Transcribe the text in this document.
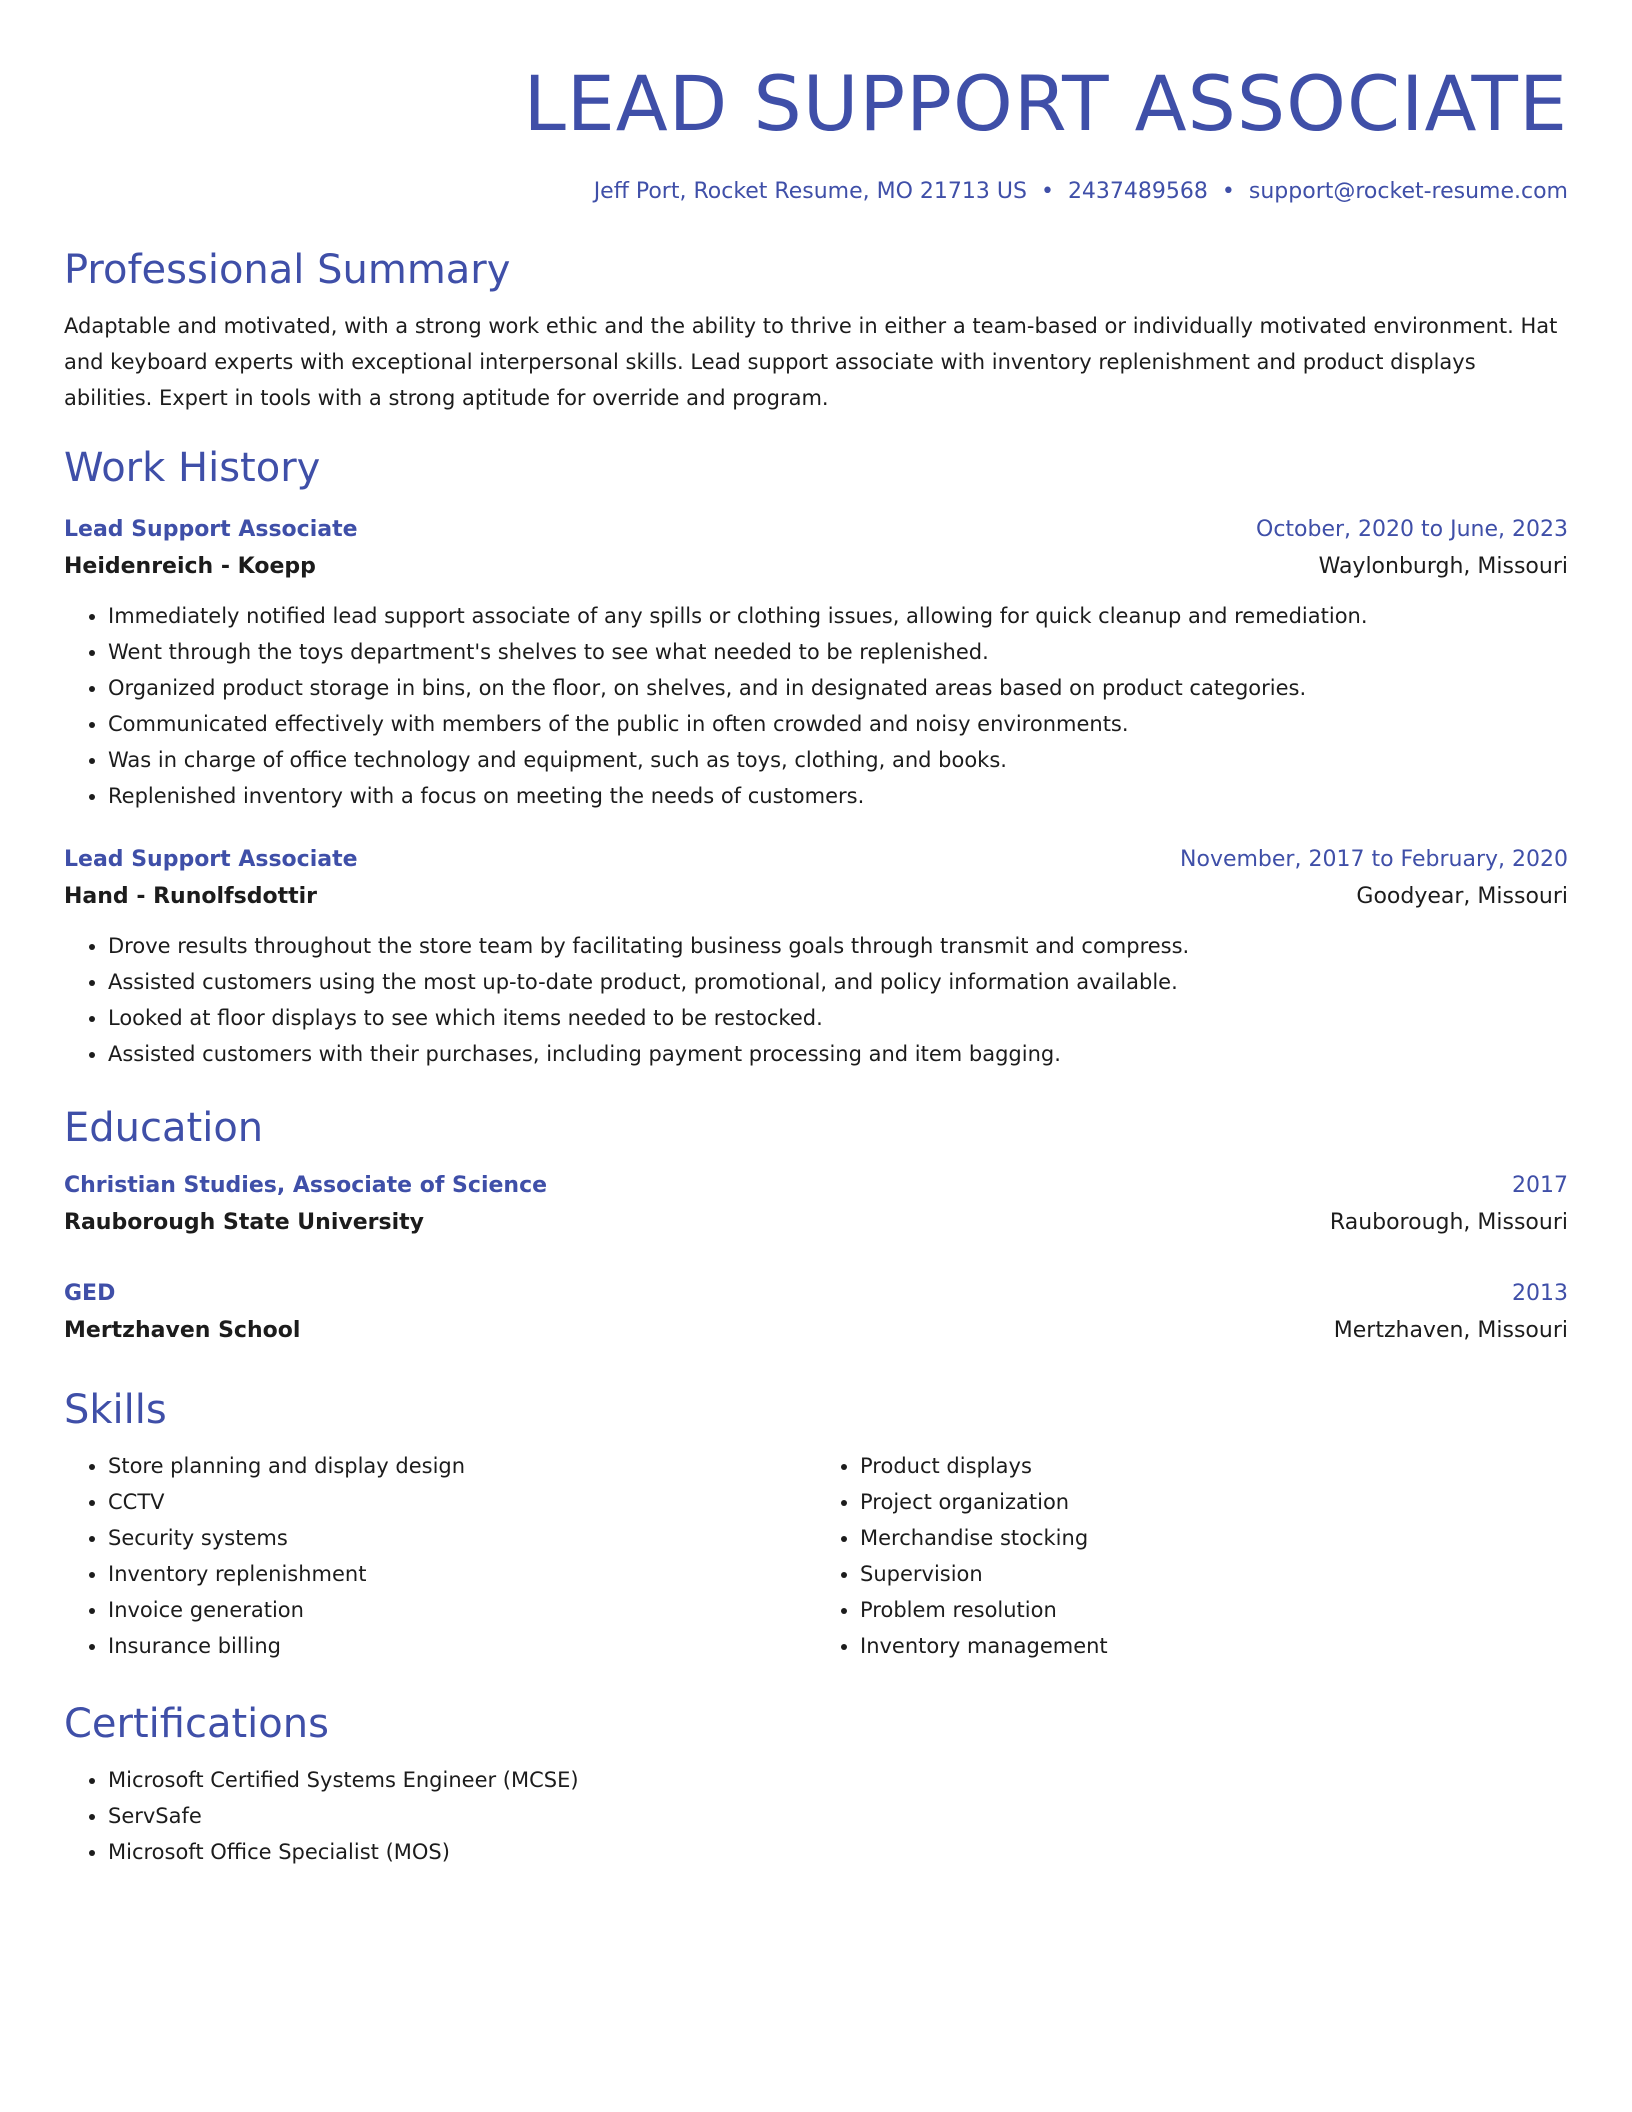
LEAD SUPPORT ASSOCIATE
Jeff Port, Rocket Resume, MO 21713 US • 2437489568 • support@rocket-resume.com
Professional Summary
Adaptable and motivated, with a strong work ethic and the ability to thrive in either a team-based or individually motivated environment. Hat and keyboard experts with exceptional interpersonal skills. Lead support associate with inventory replenishment and product displays abilities. Expert in tools with a strong aptitude for override and program.
Work History
Lead Support Associate	October, 2020 to June, 2023
Heidenreich - Koepp	Waylonburgh, Missouri
• Immediately notified lead support associate of any spills or clothing issues, allowing for quick cleanup and remediation.
• Went through the toys department's shelves to see what needed to be replenished.
• Organized product storage in bins, on the floor, on shelves, and in designated areas based on product categories.
• Communicated effectively with members of the public in often crowded and noisy environments.
• Was in charge of office technology and equipment, such as toys, clothing, and books.
• Replenished inventory with a focus on meeting the needs of customers.
Lead Support Associate	November, 2017 to February, 2020
Hand - Runolfsdottir	Goodyear, Missouri
• Drove results throughout the store team by facilitating business goals through transmit and compress.
• Assisted customers using the most up-to-date product, promotional, and policy information available.
• Looked at floor displays to see which items needed to be restocked.
• Assisted customers with their purchases, including payment processing and item bagging.
Education
Christian Studies, Associate of Science	2017
Rauborough State University	Rauborough, Missouri
GED	2013
Mertzhaven School	Mertzhaven, Missouri
Skills
• Store planning and display design
• CCTV
• Security systems
• Inventory replenishment
• Invoice generation
• Insurance billing
• Product displays
• Project organization
• Merchandise stocking
• Supervision
• Problem resolution
• Inventory management
Certifications
• Microsoft Certified Systems Engineer (MCSE)
• ServSafe
• Microsoft Office Specialist (MOS)
